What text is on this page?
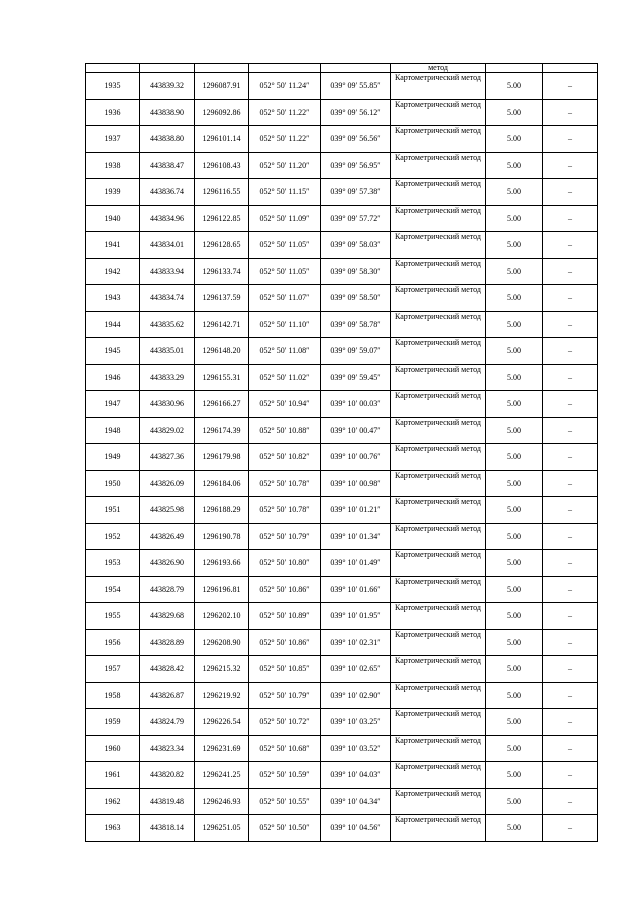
					метод		
1935	443839.32	1296087.91	052° 50′ 11.24″	039° 09′ 55.85″	Картометрический метод	5.00	–
1936	443838.90	1296092.86	052° 50′ 11.22″	039° 09′ 56.12″	Картометрический метод	5.00	–
1937	443838.80	1296101.14	052° 50′ 11.22″	039° 09′ 56.56″	Картометрический метод	5.00	–
1938	443838.47	1296108.43	052° 50′ 11.20″	039° 09′ 56.95″	Картометрический метод	5.00	–
1939	443836.74	1296116.55	052° 50′ 11.15″	039° 09′ 57.38″	Картометрический метод	5.00	–
1940	443834.96	1296122.85	052° 50′ 11.09″	039° 09′ 57.72″	Картометрический метод	5.00	–
1941	443834.01	1296128.65	052° 50′ 11.05″	039° 09′ 58.03″	Картометрический метод	5.00	–
1942	443833.94	1296133.74	052° 50′ 11.05″	039° 09′ 58.30″	Картометрический метод	5.00	–
1943	443834.74	1296137.59	052° 50′ 11.07″	039° 09′ 58.50″	Картометрический метод	5.00	–
1944	443835.62	1296142.71	052° 50′ 11.10″	039° 09′ 58.78″	Картометрический метод	5.00	–
1945	443835.01	1296148.20	052° 50′ 11.08″	039° 09′ 59.07″	Картометрический метод	5.00	–
1946	443833.29	1296155.31	052° 50′ 11.02″	039° 09′ 59.45″	Картометрический метод	5.00	–
1947	443830.96	1296166.27	052° 50′ 10.94″	039° 10′ 00.03″	Картометрический метод	5.00	–
1948	443829.02	1296174.39	052° 50′ 10.88″	039° 10′ 00.47″	Картометрический метод	5.00	–
1949	443827.36	1296179.98	052° 50′ 10.82″	039° 10′ 00.76″	Картометрический метод	5.00	–
1950	443826.09	1296184.06	052° 50′ 10.78″	039° 10′ 00.98″	Картометрический метод	5.00	–
1951	443825.98	1296188.29	052° 50′ 10.78″	039° 10′ 01.21″	Картометрический метод	5.00	–
1952	443826.49	1296190.78	052° 50′ 10.79″	039° 10′ 01.34″	Картометрический метод	5.00	–
1953	443826.90	1296193.66	052° 50′ 10.80″	039° 10′ 01.49″	Картометрический метод	5.00	–
1954	443828.79	1296196.81	052° 50′ 10.86″	039° 10′ 01.66″	Картометрический метод	5.00	–
1955	443829.68	1296202.10	052° 50′ 10.89″	039° 10′ 01.95″	Картометрический метод	5.00	–
1956	443828.89	1296208.90	052° 50′ 10.86″	039° 10′ 02.31″	Картометрический метод	5.00	–
1957	443828.42	1296215.32	052° 50′ 10.85″	039° 10′ 02.65″	Картометрический метод	5.00	–
1958	443826.87	1296219.92	052° 50′ 10.79″	039° 10′ 02.90″	Картометрический метод	5.00	–
1959	443824.79	1296226.54	052° 50′ 10.72″	039° 10′ 03.25″	Картометрический метод	5.00	–
1960	443823.34	1296231.69	052° 50′ 10.68″	039° 10′ 03.52″	Картометрический метод	5.00	–
1961	443820.82	1296241.25	052° 50′ 10.59″	039° 10′ 04.03″	Картометрический метод	5.00	–
1962	443819.48	1296246.93	052° 50′ 10.55″	039° 10′ 04.34″	Картометрический метод	5.00	–
1963	443818.14	1296251.05	052° 50′ 10.50″	039° 10′ 04.56″	Картометрический метод	5.00	–
